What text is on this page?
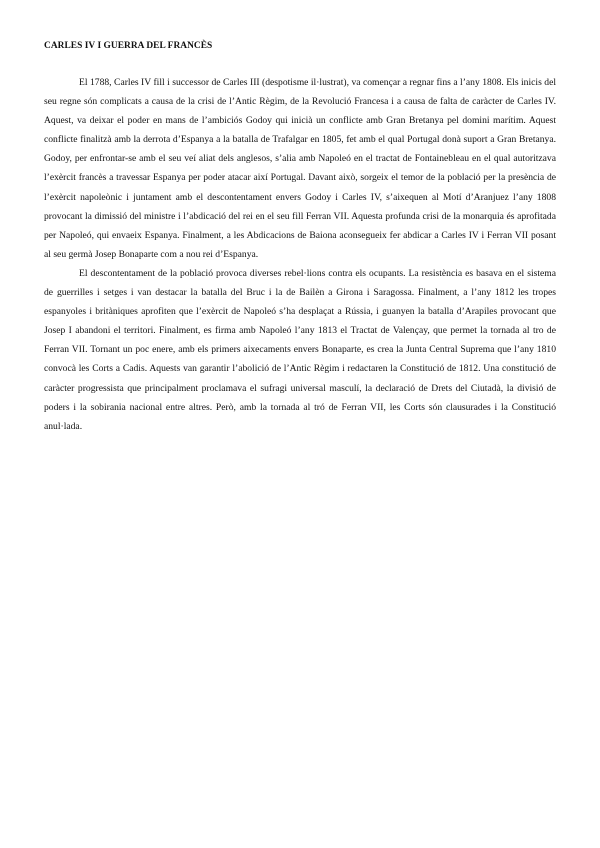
CARLES IV I GUERRA DEL FRANCÈS

El 1788, Carles IV fill i successor de Carles III (despotisme il·lustrat), va començar a regnar fins a l’any 1808. Els inicis del seu regne són complicats a causa de la crisi de l’Antic Règim, de la Revolució Francesa i a causa de falta de caràcter de Carles IV. Aquest, va deixar el poder en mans de l’ambiciós Godoy qui inicià un conflicte amb Gran Bretanya pel domini marítim. Aquest conflicte finalitzà amb la derrota d’Espanya a la batalla de Trafalgar en 1805, fet amb el qual Portugal donà suport a Gran Bretanya. Godoy, per enfrontar-se amb el seu veí aliat dels anglesos, s’alia amb Napoleó en el tractat de Fontainebleau en el qual autoritzava l’exèrcit francès a travessar Espanya per poder atacar així Portugal. Davant això, sorgeix el temor de la població per la presència de l’exèrcit napoleònic i juntament amb el descontentament envers Godoy i Carles IV, s’aixequen al Motí d’Aranjuez l’any 1808 provocant la dimissió del ministre i l’abdicació del rei en el seu fill Ferran VII. Aquesta profunda crisi de la monarquia és aprofitada per Napoleó, qui envaeix Espanya. Finalment, a les Abdicacions de Baiona aconsegueix fer abdicar a Carles IV i Ferran VII posant al seu germà Josep Bonaparte com a nou rei d’Espanya.

El descontentament de la població provoca diverses rebel·lions contra els ocupants. La resistència es basava en el sistema de guerrilles i setges i van destacar la batalla del Bruc i la de Bailèn a Girona i Saragossa. Finalment, a l’any 1812 les tropes espanyoles i britàniques aprofiten que l’exèrcit de Napoleó s’ha desplaçat a Rússia, i guanyen la batalla d’Arapiles provocant que Josep I abandoni el territori. Finalment, es firma amb Napoleó l’any 1813 el Tractat de Valençay, que permet la tornada al tro de Ferran VII. Tornant un poc enere, amb els primers aixecaments envers Bonaparte, es crea la Junta Central Suprema que l’any 1810 convocà les Corts a Cadis. Aquests van garantir l’abolició de l’Antic Règim i redactaren la Constitució de 1812. Una constitució de caràcter progressista que principalment proclamava el sufragi universal masculí, la declaració de Drets del Ciutadà, la divisió de poders i la sobirania nacional entre altres. Però, amb la tornada al tró de Ferran VII, les Corts són clausurades i la Constitució anul·lada.
